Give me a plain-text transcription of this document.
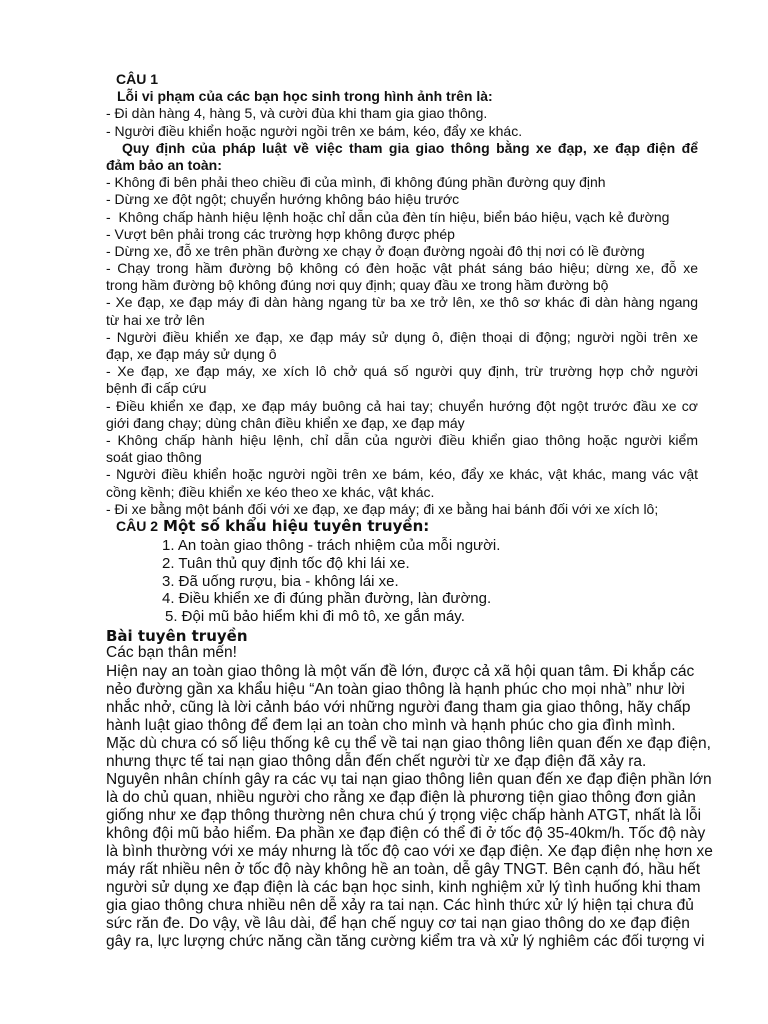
CÂU 1
Lỗi vi phạm của các bạn học sinh trong hình ảnh trên là:
- Đi dàn hàng 4, hàng 5, và cười đùa khi tham gia giao thông.
- Người điều khiển hoặc người ngồi trên xe bám, kéo, đẩy xe khác.
Quy định của pháp luật về việc tham gia giao thông bằng xe đạp, xe đạp điện để
đảm bảo an toàn:
- Không đi bên phải theo chiều đi của mình, đi không đúng phần đường quy định
- Dừng xe đột ngột; chuyển hướng không báo hiệu trước
-  Không chấp hành hiệu lệnh hoặc chỉ dẫn của đèn tín hiệu, biển báo hiệu, vạch kẻ đường
- Vượt bên phải trong các trường hợp không được phép
- Dừng xe, đỗ xe trên phần đường xe chạy ở đoạn đường ngoài đô thị nơi có lề đường
- Chạy trong hầm đường bộ không có đèn hoặc vật phát sáng báo hiệu; dừng xe, đỗ xe
trong hầm đường bộ không đúng nơi quy định; quay đầu xe trong hầm đường bộ
- Xe đạp, xe đạp máy đi dàn hàng ngang từ ba xe trở lên, xe thô sơ khác đi dàn hàng ngang
từ hai xe trở lên
- Người điều khiển xe đạp, xe đạp máy sử dụng ô, điện thoại di động; người ngồi trên xe
đạp, xe đạp máy sử dụng ô
- Xe đạp, xe đạp máy, xe xích lô chở quá số người quy định, trừ trường hợp chở người
bệnh đi cấp cứu
- Điều khiển xe đạp, xe đạp máy buông cả hai tay; chuyển hướng đột ngột trước đầu xe cơ
giới đang chạy; dùng chân điều khiển xe đạp, xe đạp máy
- Không chấp hành hiệu lệnh, chỉ dẫn của người điều khiển giao thông hoặc người kiểm
soát giao thông
- Người điều khiển hoặc người ngồi trên xe bám, kéo, đẩy xe khác, vật khác, mang vác vật
cồng kềnh; điều khiển xe kéo theo xe khác, vật khác.
- Đi xe bằng một bánh đối với xe đạp, xe đạp máy; đi xe bằng hai bánh đối với xe xích lô;
CÂU 2 Một số khẩu hiệu tuyên truyền:
1. An toàn giao thông - trách nhiệm của mỗi người.
2. Tuân thủ quy định tốc độ khi lái xe.
3. Đã uống rượu, bia - không lái xe.
4. Điều khiển xe đi đúng phần đường, làn đường.
5. Đội mũ bảo hiểm khi đi mô tô, xe gắn máy.
Bài tuyên truyền
Các bạn thân mến!
Hiện nay an toàn giao thông là một vấn đề lớn, được cả xã hội quan tâm. Đi khắp các
nẻo đường gần xa khẩu hiệu “An toàn giao thông là hạnh phúc cho mọi nhà” như lời
nhắc nhở, cũng là lời cảnh báo với những người đang tham gia giao thông, hãy chấp
hành luật giao thông để đem lại an toàn cho mình và hạnh phúc cho gia đình mình.
Mặc dù chưa có số liệu thống kê cụ thể về tai nạn giao thông liên quan đến xe đạp điện,
nhưng thực tế tai nạn giao thông dẫn đến chết người từ xe đạp điện đã xảy ra.
Nguyên nhân chính gây ra các vụ tai nạn giao thông liên quan đến xe đạp điện phần lớn
là do chủ quan, nhiều người cho rằng xe đạp điện là phương tiện giao thông đơn giản
giống như xe đạp thông thường nên chưa chú ý trọng việc chấp hành ATGT, nhất là lỗi
không đội mũ bảo hiểm. Đa phần xe đạp điện có thể đi ở tốc độ 35-40km/h. Tốc độ này
là bình thường với xe máy nhưng là tốc độ cao với xe đạp điện. Xe đạp điện nhẹ hơn xe
máy rất nhiều nên ở tốc độ này không hề an toàn, dễ gây TNGT. Bên cạnh đó, hầu hết
người sử dụng xe đạp điện là các bạn học sinh, kinh nghiệm xử lý tình huống khi tham
gia giao thông chưa nhiều nên dễ xảy ra tai nạn. Các hình thức xử lý hiện tại chưa đủ
sức răn đe. Do vậy, về lâu dài, để hạn chế nguy cơ tai nạn giao thông do xe đạp điện
gây ra, lực lượng chức năng cần tăng cường kiểm tra và xử lý nghiêm các đối tượng vi
